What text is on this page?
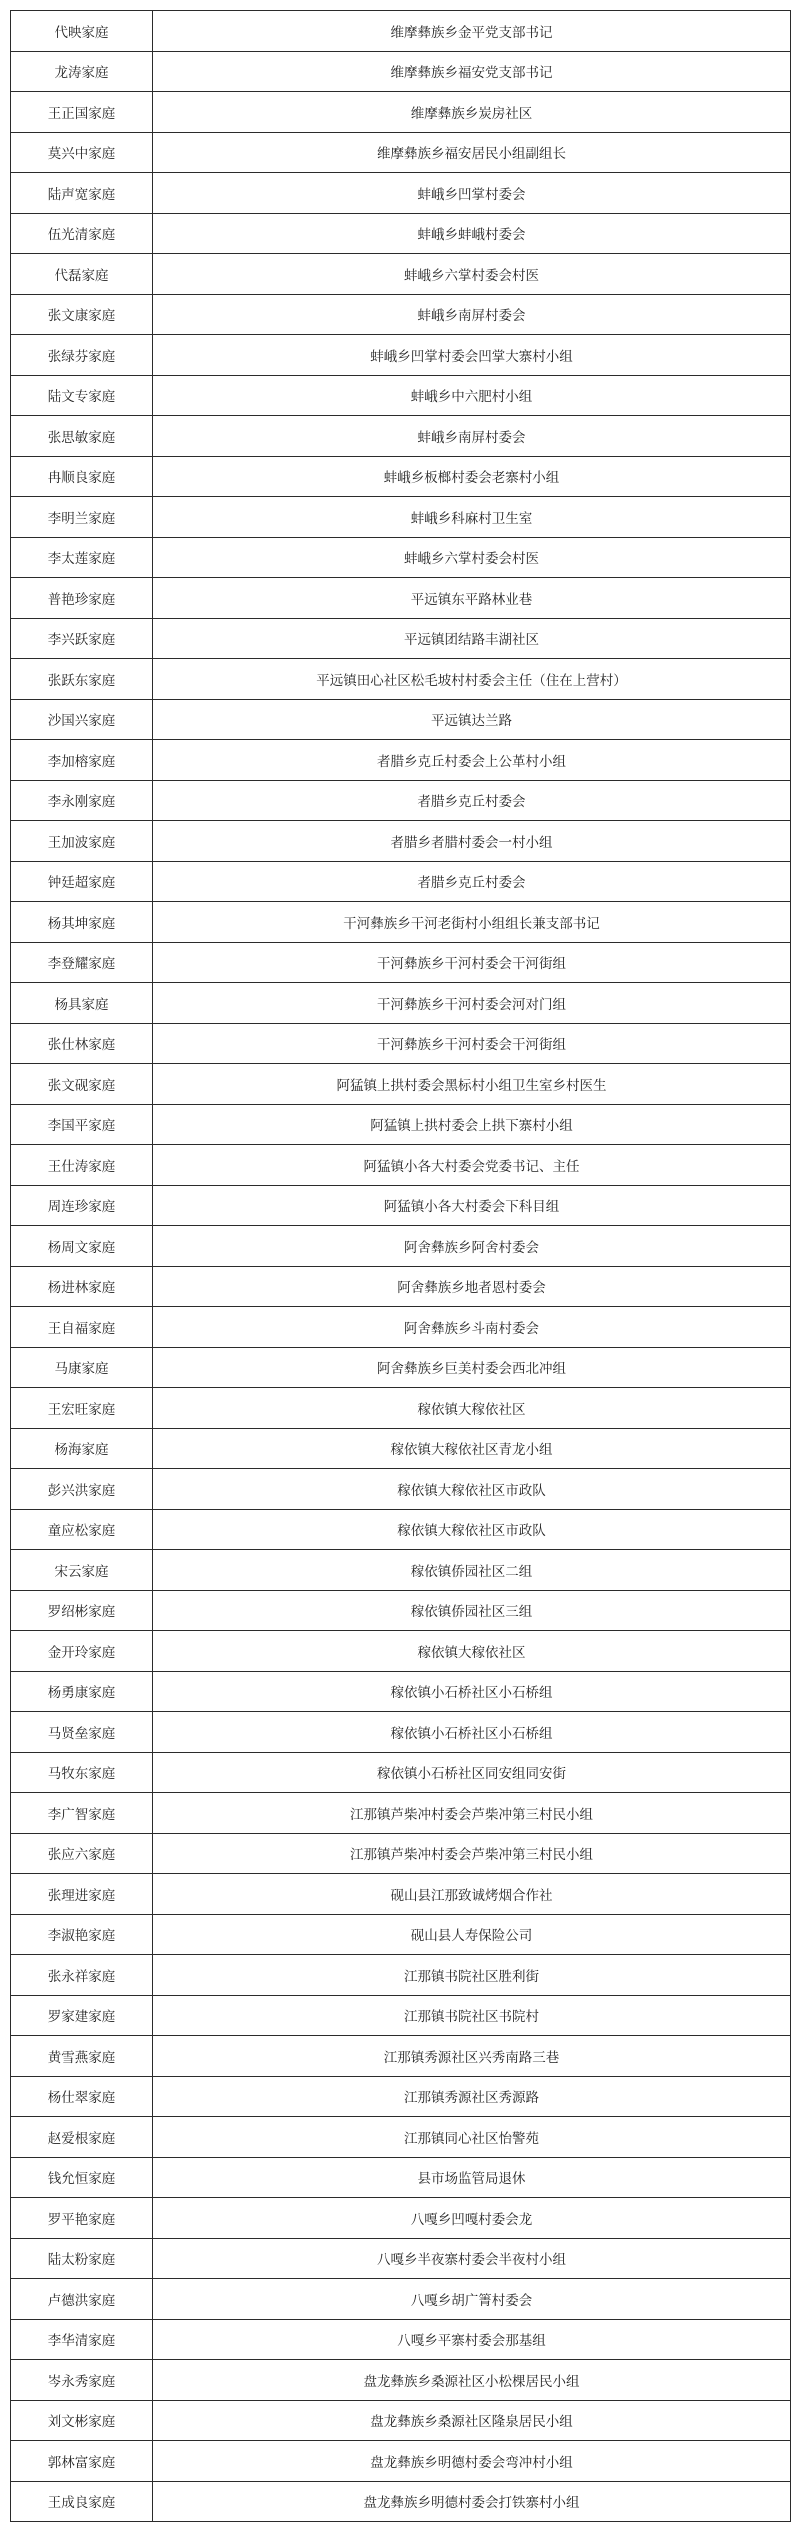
代映家庭	维摩彝族乡金平党支部书记
龙涛家庭	维摩彝族乡福安党支部书记
王正国家庭	维摩彝族乡炭房社区
莫兴中家庭	维摩彝族乡福安居民小组副组长
陆声宽家庭	蚌峨乡凹掌村委会
伍光清家庭	蚌峨乡蚌峨村委会
代磊家庭	蚌峨乡六掌村委会村医
张文康家庭	蚌峨乡南屏村委会
张绿芬家庭	蚌峨乡凹掌村委会凹掌大寨村小组
陆文专家庭	蚌峨乡中六肥村小组
张思敏家庭	蚌峨乡南屏村委会
冉顺良家庭	蚌峨乡板榔村委会老寨村小组
李明兰家庭	蚌峨乡科麻村卫生室
李太莲家庭	蚌峨乡六掌村委会村医
普艳珍家庭	平远镇东平路林业巷
李兴跃家庭	平远镇团结路丰湖社区
张跃东家庭	平远镇田心社区松毛坡村村委会主任（住在上营村）
沙国兴家庭	平远镇达兰路
李加榕家庭	者腊乡克丘村委会上公革村小组
李永刚家庭	者腊乡克丘村委会
王加波家庭	者腊乡者腊村委会一村小组
钟廷超家庭	者腊乡克丘村委会
杨其坤家庭	干河彝族乡干河老街村小组组长兼支部书记
李登耀家庭	干河彝族乡干河村委会干河街组
杨具家庭	干河彝族乡干河村委会河对门组
张仕林家庭	干河彝族乡干河村委会干河街组
张文砚家庭	阿猛镇上拱村委会黑标村小组卫生室乡村医生
李国平家庭	阿猛镇上拱村委会上拱下寨村小组
王仕涛家庭	阿猛镇小各大村委会党委书记、主任
周连珍家庭	阿猛镇小各大村委会下科目组
杨周文家庭	阿舍彝族乡阿舍村委会
杨进林家庭	阿舍彝族乡地者恩村委会
王自福家庭	阿舍彝族乡斗南村委会
马康家庭	阿舍彝族乡巨美村委会西北冲组
王宏旺家庭	稼依镇大稼依社区
杨海家庭	稼依镇大稼依社区青龙小组
彭兴洪家庭	稼依镇大稼依社区市政队
童应松家庭	稼依镇大稼依社区市政队
宋云家庭	稼依镇侨园社区二组
罗绍彬家庭	稼依镇侨园社区三组
金开玲家庭	稼依镇大稼依社区
杨勇康家庭	稼依镇小石桥社区小石桥组
马贤垒家庭	稼依镇小石桥社区小石桥组
马牧东家庭	稼依镇小石桥社区同安组同安街
李广智家庭	江那镇芦柴冲村委会芦柴冲第三村民小组
张应六家庭	江那镇芦柴冲村委会芦柴冲第三村民小组
张理进家庭	砚山县江那致诚烤烟合作社
李淑艳家庭	砚山县人寿保险公司
张永祥家庭	江那镇书院社区胜利街
罗家建家庭	江那镇书院社区书院村
黄雪燕家庭	江那镇秀源社区兴秀南路三巷
杨仕翠家庭	江那镇秀源社区秀源路
赵爱根家庭	江那镇同心社区怡警苑
钱允恒家庭	县市场监管局退休
罗平艳家庭	八嘎乡凹嘎村委会龙
陆太粉家庭	八嘎乡半夜寨村委会半夜村小组
卢德洪家庭	八嘎乡胡广箐村委会
李华清家庭	八嘎乡平寨村委会那基组
岑永秀家庭	盘龙彝族乡桑源社区小松棵居民小组
刘文彬家庭	盘龙彝族乡桑源社区隆泉居民小组
郭林富家庭	盘龙彝族乡明德村委会弯冲村小组
王成良家庭	盘龙彝族乡明德村委会打铁寨村小组
